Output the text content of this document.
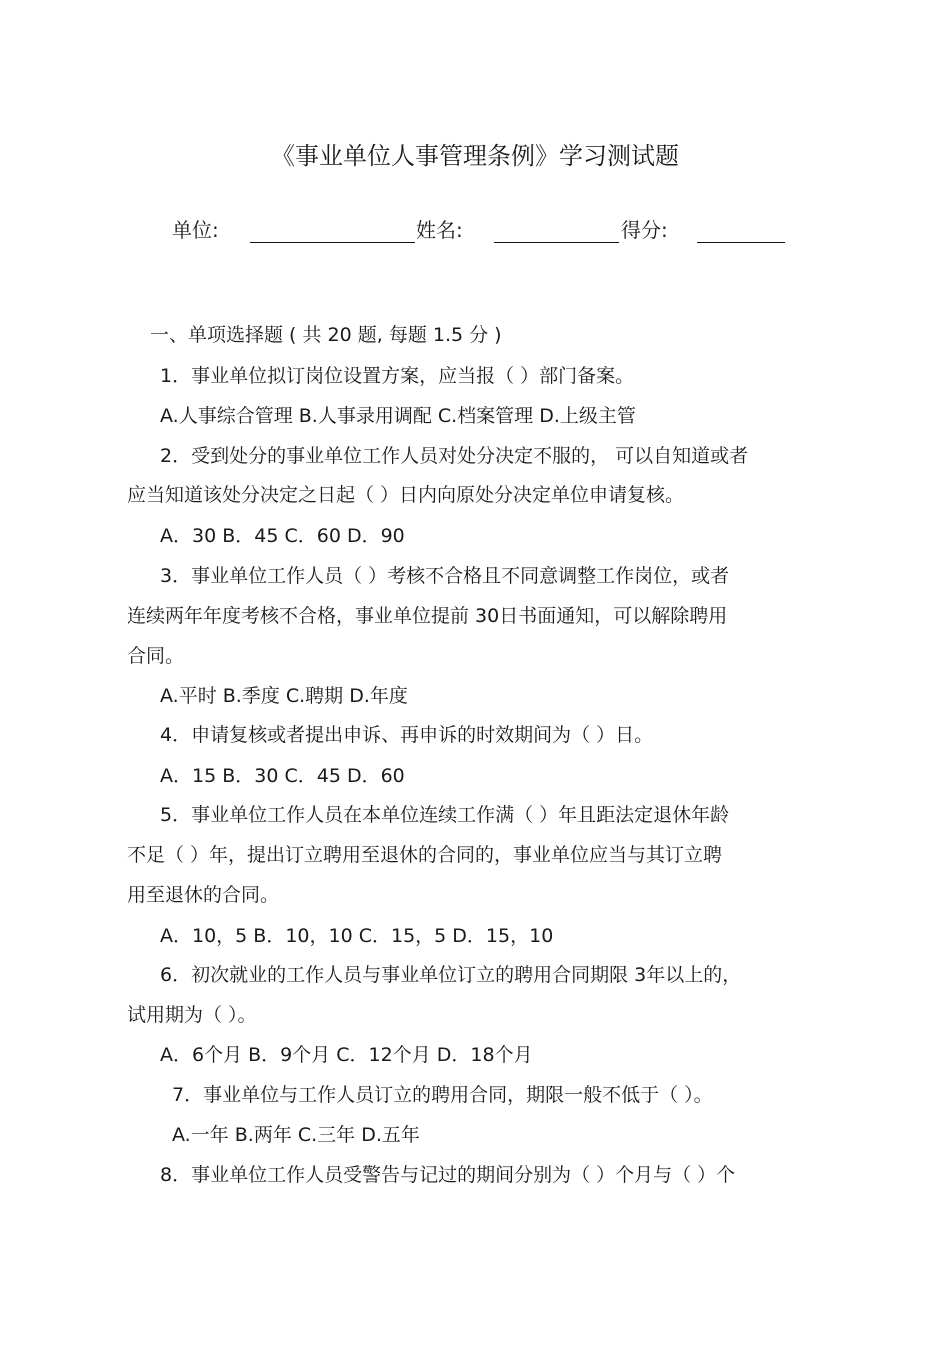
《事业单位人事管理条例》学习测试题
单位:	姓名:	得分:
一、单项选择题 ( 共 20 题, 每题 1.5 分 )
1．事业单位拟订岗位设置方案，应当报（ ）部门备案。
A.人事综合管理 B.人事录用调配 C.档案管理 D.上级主管
2．受到处分的事业单位工作人员对处分决定不服的， 可以自知道或者
应当知道该处分决定之日起（ ）日内向原处分决定单位申请复核。
A．30 B．45 C．60 D．90
3．事业单位工作人员（ ）考核不合格且不同意调整工作岗位，或者
连续两年年度考核不合格，事业单位提前 30日书面通知，可以解除聘用
合同。
A.平时 B.季度 C.聘期 D.年度
4．申请复核或者提出申诉、再申诉的时效期间为（ ）日。
A．15 B．30 C．45 D．60
5．事业单位工作人员在本单位连续工作满（ ）年且距法定退休年龄
不足（ ）年，提出订立聘用至退休的合同的，事业单位应当与其订立聘
用至退休的合同。
A．10，5 B．10，10 C．15，5 D．15，10
6．初次就业的工作人员与事业单位订立的聘用合同期限 3年以上的，
试用期为（ ）。
A．6个月 B．9个月 C．12个月 D．18个月
7．事业单位与工作人员订立的聘用合同，期限一般不低于（ ）。
A.一年 B.两年 C.三年 D.五年
8．事业单位工作人员受警告与记过的期间分别为（ ）个月与（ ）个
